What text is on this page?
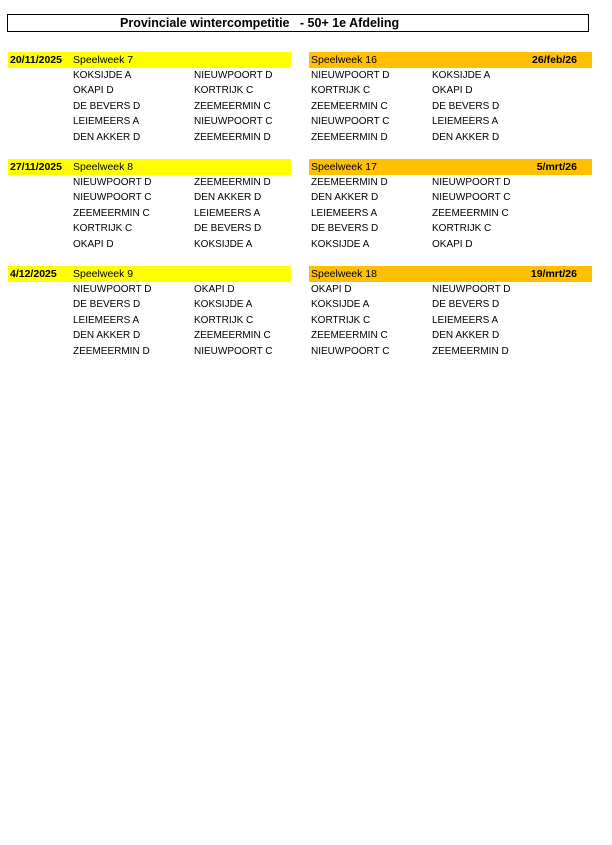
Provinciale wintercompetitie   - 50+ 1e Afdeling
20/11/2025 Speelweek 7
KOKSIJDE A	NIEUWPOORT D
OKAPI D	KORTRIJK C
DE BEVERS D	ZEEMEERMIN C
LEIEMEERS A	NIEUWPOORT C
DEN AKKER D	ZEEMEERMIN D
Speelweek 16	26/feb/26
NIEUWPOORT D	KOKSIJDE A
KORTRIJK C	OKAPI D
ZEEMEERMIN C	DE BEVERS D
NIEUWPOORT C	LEIEMEERS A
ZEEMEERMIN D	DEN AKKER D
27/11/2025 Speelweek 8
NIEUWPOORT D	ZEEMEERMIN D
NIEUWPOORT C	DEN AKKER D
ZEEMEERMIN C	LEIEMEERS A
KORTRIJK C	DE BEVERS D
OKAPI D	KOKSIJDE A
Speelweek 17	5/mrt/26
ZEEMEERMIN D	NIEUWPOORT D
DEN AKKER D	NIEUWPOORT C
LEIEMEERS A	ZEEMEERMIN C
DE BEVERS D	KORTRIJK C
KOKSIJDE A	OKAPI D
4/12/2025 Speelweek 9
NIEUWPOORT D	OKAPI D
DE BEVERS D	KOKSIJDE A
LEIEMEERS A	KORTRIJK C
DEN AKKER D	ZEEMEERMIN C
ZEEMEERMIN D	NIEUWPOORT C
Speelweek 18	19/mrt/26
OKAPI D	NIEUWPOORT D
KOKSIJDE A	DE BEVERS D
KORTRIJK C	LEIEMEERS A
ZEEMEERMIN C	DEN AKKER D
NIEUWPOORT C	ZEEMEERMIN D
